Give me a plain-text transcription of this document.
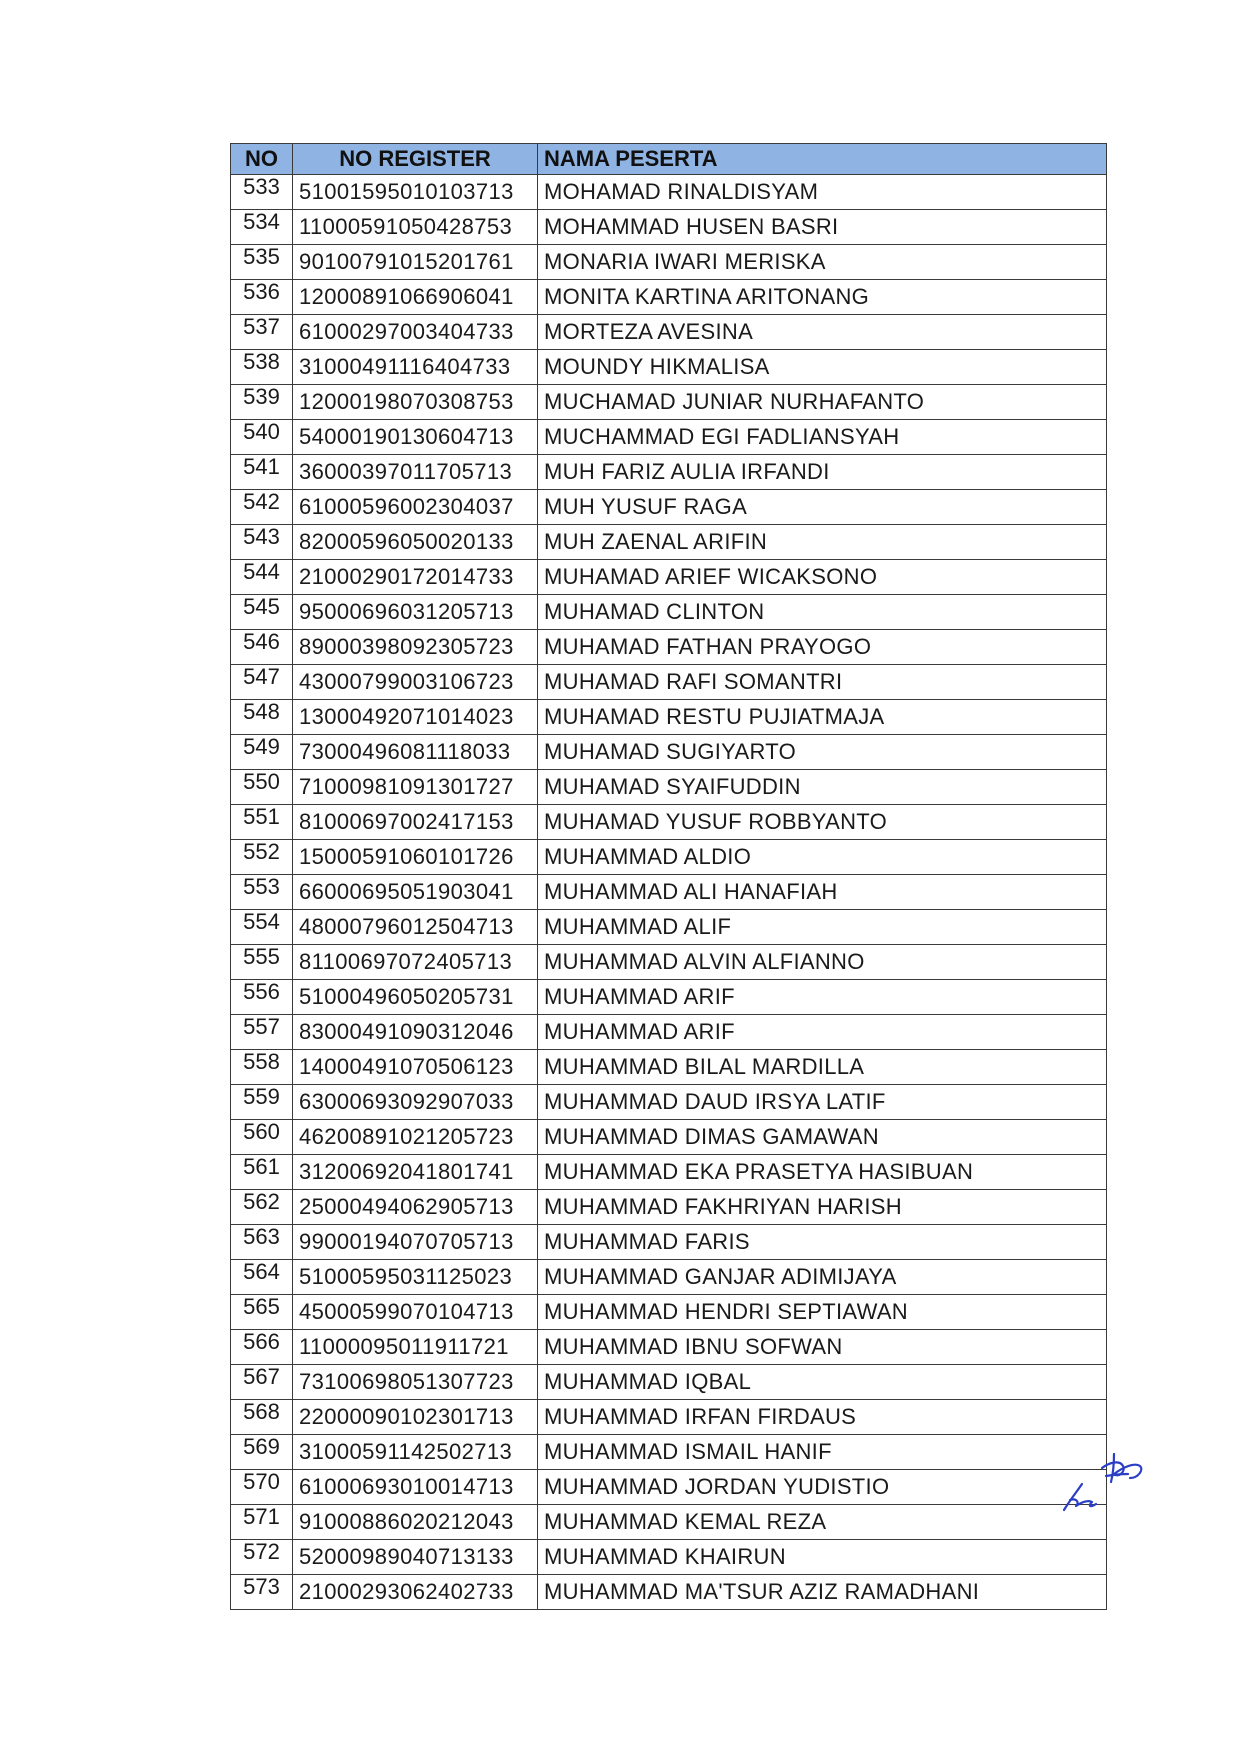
NO	NO REGISTER	NAMA PESERTA
533	51001595010103713	MOHAMAD RINALDISYAM
534	11000591050428753	MOHAMMAD HUSEN BASRI
535	90100791015201761	MONARIA IWARI MERISKA
536	12000891066906041	MONITA KARTINA ARITONANG
537	61000297003404733	MORTEZA AVESINA
538	31000491116404733	MOUNDY HIKMALISA
539	12000198070308753	MUCHAMAD JUNIAR NURHAFANTO
540	54000190130604713	MUCHAMMAD EGI FADLIANSYAH
541	36000397011705713	MUH FARIZ AULIA IRFANDI
542	61000596002304037	MUH YUSUF RAGA
543	82000596050020133	MUH ZAENAL ARIFIN
544	21000290172014733	MUHAMAD ARIEF WICAKSONO
545	95000696031205713	MUHAMAD CLINTON
546	89000398092305723	MUHAMAD FATHAN PRAYOGO
547	43000799003106723	MUHAMAD RAFI SOMANTRI
548	13000492071014023	MUHAMAD RESTU PUJIATMAJA
549	73000496081118033	MUHAMAD SUGIYARTO
550	71000981091301727	MUHAMAD SYAIFUDDIN
551	81000697002417153	MUHAMAD YUSUF ROBBYANTO
552	15000591060101726	MUHAMMAD ALDIO
553	66000695051903041	MUHAMMAD ALI HANAFIAH
554	48000796012504713	MUHAMMAD ALIF
555	81100697072405713	MUHAMMAD ALVIN ALFIANNO
556	51000496050205731	MUHAMMAD ARIF
557	83000491090312046	MUHAMMAD ARIF
558	14000491070506123	MUHAMMAD BILAL MARDILLA
559	63000693092907033	MUHAMMAD DAUD IRSYA LATIF
560	46200891021205723	MUHAMMAD DIMAS GAMAWAN
561	31200692041801741	MUHAMMAD EKA PRASETYA HASIBUAN
562	25000494062905713	MUHAMMAD FAKHRIYAN HARISH
563	99000194070705713	MUHAMMAD FARIS
564	51000595031125023	MUHAMMAD GANJAR ADIMIJAYA
565	45000599070104713	MUHAMMAD HENDRI SEPTIAWAN
566	11000095011911721	MUHAMMAD IBNU SOFWAN
567	73100698051307723	MUHAMMAD IQBAL
568	22000090102301713	MUHAMMAD IRFAN FIRDAUS
569	31000591142502713	MUHAMMAD ISMAIL HANIF
570	61000693010014713	MUHAMMAD JORDAN YUDISTIO
571	91000886020212043	MUHAMMAD KEMAL REZA
572	52000989040713133	MUHAMMAD KHAIRUN
573	21000293062402733	MUHAMMAD MA'TSUR AZIZ RAMADHANI
